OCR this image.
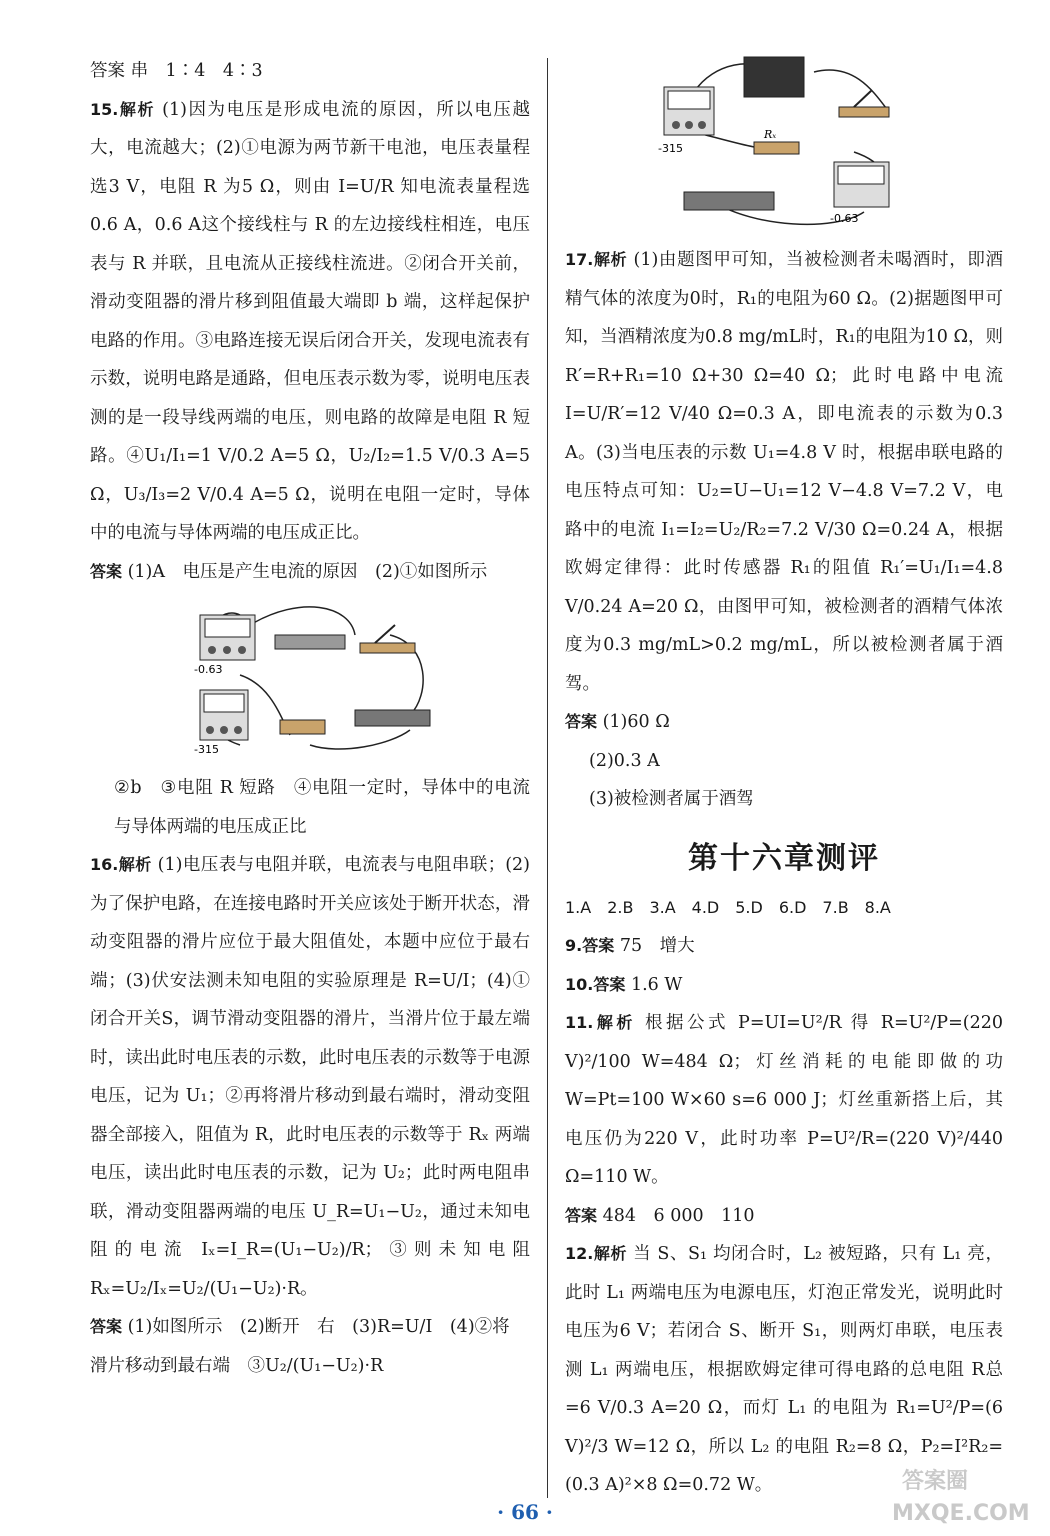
答案 串　1∶4　4∶3

15.解析 (1)因为电压是形成电流的原因，所以电压越大，电流越大；(2)①电源为两节新干电池，电压表量程选3 V，电阻 R 为5 Ω，则由 I=U/R 知电流表量程选0.6 A，0.6 A这个接线柱与 R 的左边接线柱相连，电压表与 R 并联，且电流从正接线柱流进。②闭合开关前，滑动变阻器的滑片移到阻值最大端即 b 端，这样起保护电路的作用。③电路连接无误后闭合开关，发现电流表有示数，说明电路是通路，但电压表示数为零，说明电压表测的是一段导线两端的电压，则电路的故障是电阻 R 短路。④U₁/I₁=1 V/0.2 A=5 Ω，U₂/I₂=1.5 V/0.3 A=5 Ω，U₃/I₃=2 V/0.4 A=5 Ω，说明在电阻一定时，导体中的电流与导体两端的电压成正比。

答案 (1)A　电压是产生电流的原因　(2)①如图所示

-0.63
-315

②b　③电阻 R 短路　④电阻一定时，导体中的电流与导体两端的电压成正比

16.解析 (1)电压表与电阻并联，电流表与电阻串联；(2)为了保护电路，在连接电路时开关应该处于断开状态，滑动变阻器的滑片应位于最大阻值处，本题中应位于最右端；(3)伏安法测未知电阻的实验原理是 R=U/I；(4)①闭合开关S，调节滑动变阻器的滑片，当滑片位于最左端时，读出此时电压表的示数，此时电压表的示数等于电源电压，记为 U₁；②再将滑片移动到最右端时，滑动变阻器全部接入，阻值为 R，此时电压表的示数等于 Rₓ 两端电压，读出此时电压表的示数，记为 U₂；此时两电阻串联，滑动变阻器两端的电压 U_R=U₁−U₂，通过未知电阻的电流 Iₓ=I_R=(U₁−U₂)/R；③则未知电阻 Rₓ=U₂/Iₓ=U₂/(U₁−U₂)·R。

答案 (1)如图所示　(2)断开　右　(3)R=U/I　(4)②将

滑片移动到最右端　③U₂/(U₁−U₂)·R

-315
Rₓ
-0.63

17.解析 (1)由题图甲可知，当被检测者未喝酒时，即酒精气体的浓度为0时，R₁的电阻为60 Ω。(2)据题图甲可知，当酒精浓度为0.8 mg/mL时，R₁的电阻为10 Ω，则 R′=R+R₁=10 Ω+30 Ω=40 Ω；此时电路中电流 I=U/R′=12 V/40 Ω=0.3 A，即电流表的示数为0.3 A。(3)当电压表的示数 U₁=4.8 V 时，根据串联电路的电压特点可知：U₂=U−U₁=12 V−4.8 V=7.2 V，电路中的电流 I₁=I₂=U₂/R₂=7.2 V/30 Ω=0.24 A，根据欧姆定律得：此时传感器 R₁的阻值 R₁′=U₁/I₁=4.8 V/0.24 A=20 Ω，由图甲可知，被检测者的酒精气体浓度为0.3 mg/mL>0.2 mg/mL，所以被检测者属于酒驾。

答案 (1)60 Ω

(2)0.3 A

(3)被检测者属于酒驾

第十六章测评

1.A　2.B　3.A　4.D　5.D　6.D　7.B　8.A

9.答案 75　增大

10.答案 1.6 W

11.解析 根据公式 P=UI=U²/R 得 R=U²/P=(220 V)²/100 W=484 Ω；灯丝消耗的电能即做的功 W=Pt=100 W×60 s=6 000 J；灯丝重新搭上后，其电压仍为220 V，此时功率 P=U²/R=(220 V)²/440 Ω=110 W。

答案 484　6 000　110

12.解析 当 S、S₁ 均闭合时，L₂ 被短路，只有 L₁ 亮，此时 L₁ 两端电压为电源电压，灯泡正常发光，说明此时电压为6 V；若闭合 S、断开 S₁，则两灯串联，电压表测 L₁ 两端电压，根据欧姆定律可得电路的总电阻 R总=6 V/0.3 A=20 Ω，而灯 L₁ 的电阻为 R₁=U²/P=(6 V)²/3 W=12 Ω，所以 L₂ 的电阻 R₂=8 Ω，P₂=I²R₂=(0.3 A)²×8 Ω=0.72 W。

· 66 ·
答案圈
MXQE.COM
